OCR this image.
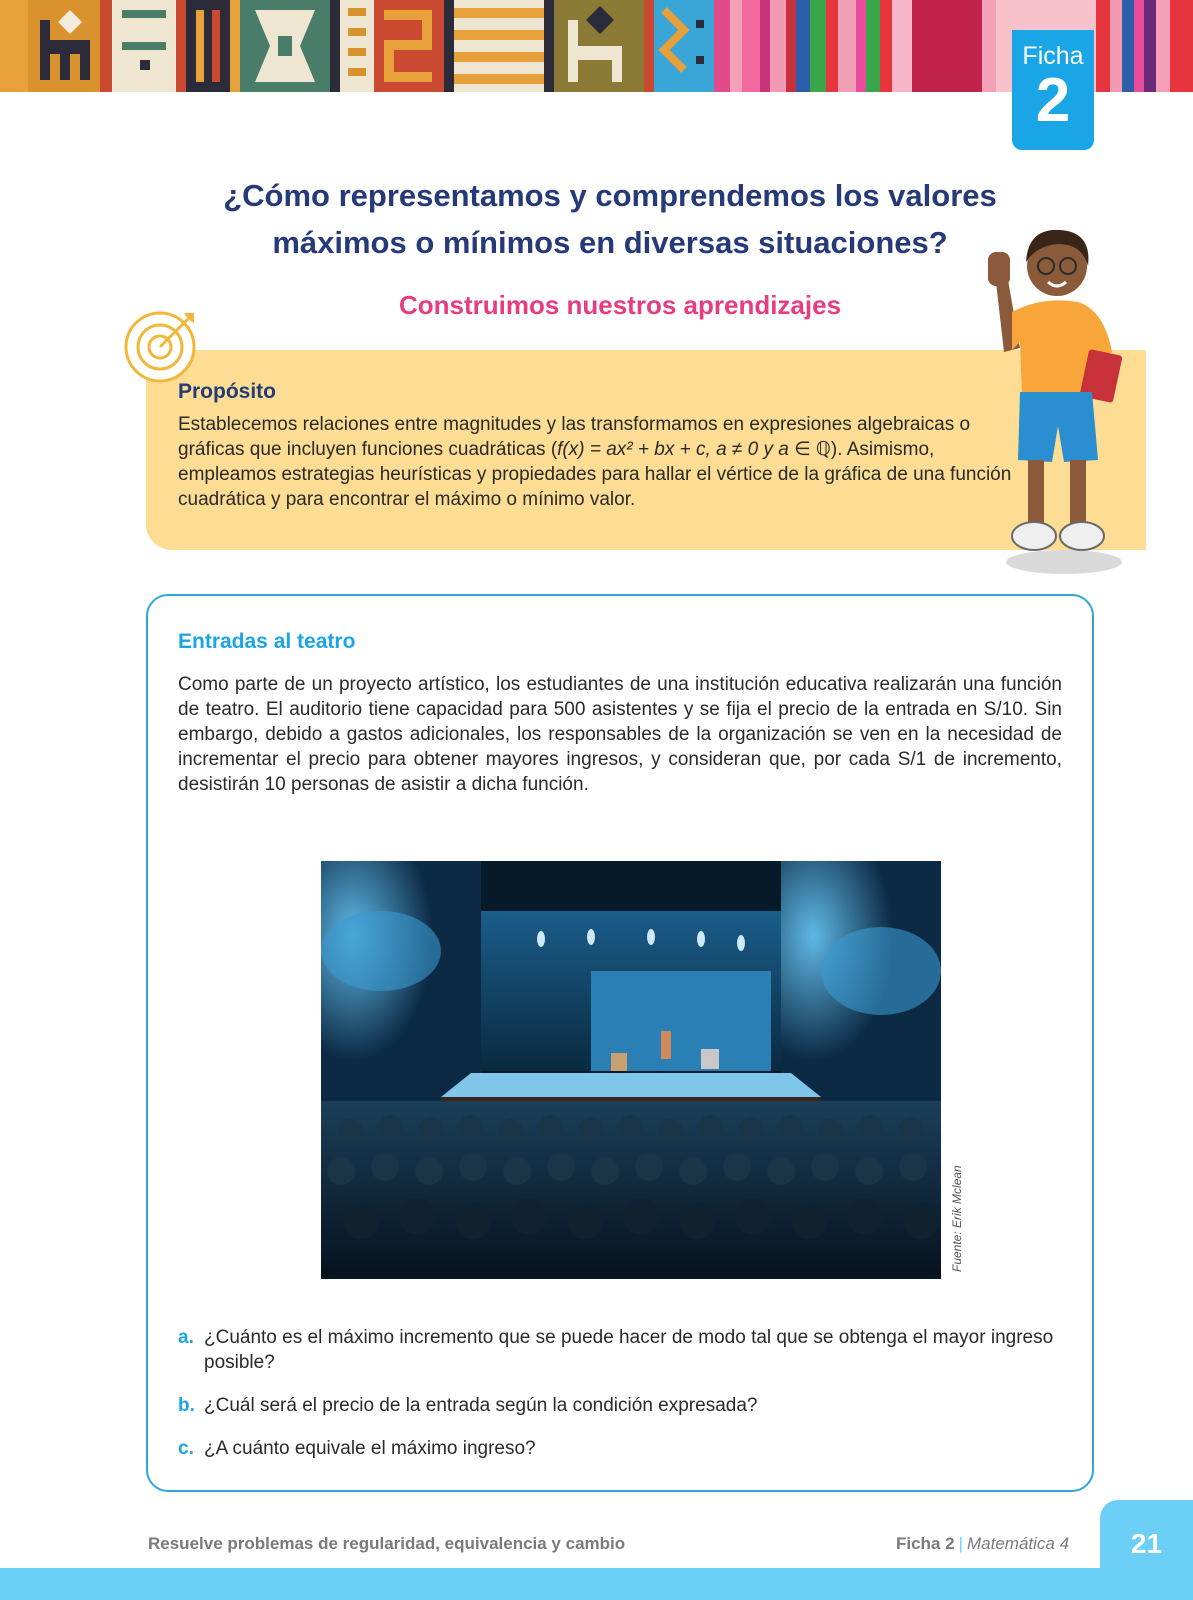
Ficha
2
¿Cómo representamos y comprendemos los valores
máximos o mínimos en diversas situaciones?
Construimos nuestros aprendizajes
Propósito
Establecemos relaciones entre magnitudes y las transformamos en expresiones algebraicas o gráficas que incluyen funciones cuadráticas (f(x) = ax² + bx + c, a ≠ 0 y a ∈ ℚ). Asimismo, empleamos estrategias heurísticas y propiedades para hallar el vértice de la gráfica de una función cuadrática y para encontrar el máximo o mínimo valor.
Entradas al teatro
Como parte de un proyecto artístico, los estudiantes de una institución educativa realizarán una función de teatro. El auditorio tiene capacidad para 500 asistentes y se fija el precio de la entrada en S/10. Sin embargo, debido a gastos adicionales, los responsables de la organización se ven en la necesidad de incrementar el precio para obtener mayores ingresos, y consideran que, por cada S/1 de incremento, desistirán 10 personas de asistir a dicha función.
Fuente: Erik Mclean
a. ¿Cuánto es el máximo incremento que se puede hacer de modo tal que se obtenga el mayor ingreso posible?
b. ¿Cuál será el precio de la entrada según la condición expresada?
c. ¿A cuánto equivale el máximo ingreso?
21
Resuelve problemas de regularidad, equivalencia y cambio	Ficha 2 | Matemática 4
